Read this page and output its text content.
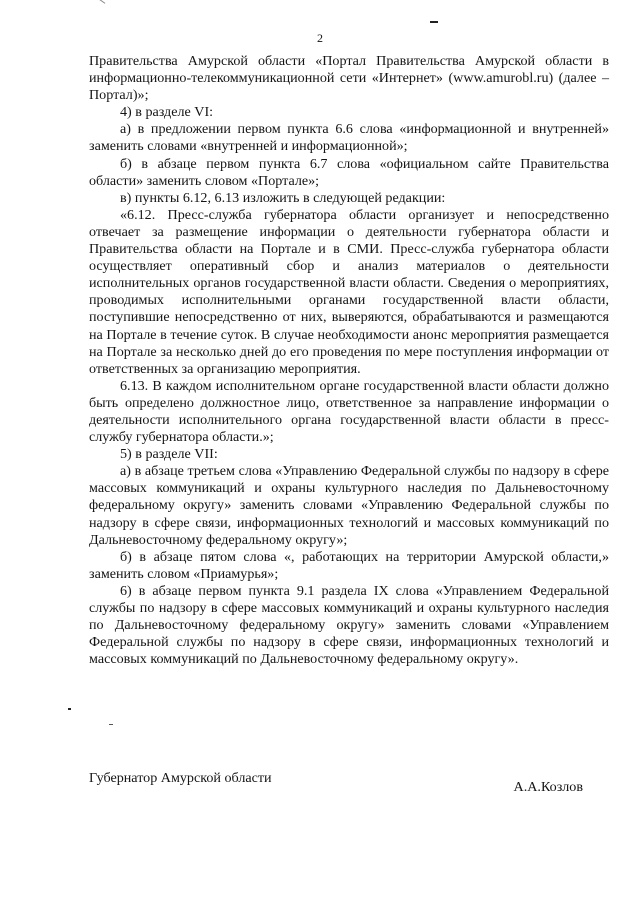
2

Правительства Амурской области «Портал Правительства Амурской области в информационно-телекоммуникационной сети «Интернет» (www.amurobl.ru) (далее – Портал)»;

4) в разделе VI:

а) в предложении первом пункта 6.6 слова «информационной и внутренней» заменить словами «внутренней и информационной»;

б) в абзаце первом пункта 6.7 слова «официальном сайте Правительства области» заменить словом «Портале»;

в) пункты 6.12, 6.13 изложить в следующей редакции:

«6.12. Пресс-служба губернатора области организует и непосредственно отвечает за размещение информации о деятельности губернатора области и Правительства области на Портале и в СМИ. Пресс-служба губернатора области осуществляет оперативный сбор и анализ материалов о деятельности исполнительных органов государственной власти области. Сведения о мероприятиях, проводимых исполнительными органами государственной власти области, поступившие непосредственно от них, выверяются, обрабатываются и размещаются на Портале в течение суток. В случае необходимости анонс мероприятия размещается на Портале за несколько дней до его проведения по мере поступления информации от ответственных за организацию мероприятия.

6.13. В каждом исполнительном органе государственной власти области должно быть определено должностное лицо, ответственное за направление информации о деятельности исполнительного органа государственной власти области в пресс-службу губернатора области.»;

5) в разделе VII:

а) в абзаце третьем слова «Управлению Федеральной службы по надзору в сфере массовых коммуникаций и охраны культурного наследия по Дальневосточному федеральному округу» заменить словами «Управлению Федеральной службы по надзору в сфере связи, информационных технологий и массовых коммуникаций по Дальневосточному федеральному округу»;

б) в абзаце пятом слова «, работающих на территории Амурской области,» заменить словом «Приамурья»;

6) в абзаце первом пункта 9.1 раздела IX слова «Управлением Федеральной службы по надзору в сфере массовых коммуникаций и охраны культурного наследия по Дальневосточному федеральному округу» заменить словами «Управлением Федеральной службы по надзору в сфере связи, информационных технологий и массовых коммуникаций по Дальневосточному федеральному округу».

Губернатор Амурской области
А.А.Козлов
